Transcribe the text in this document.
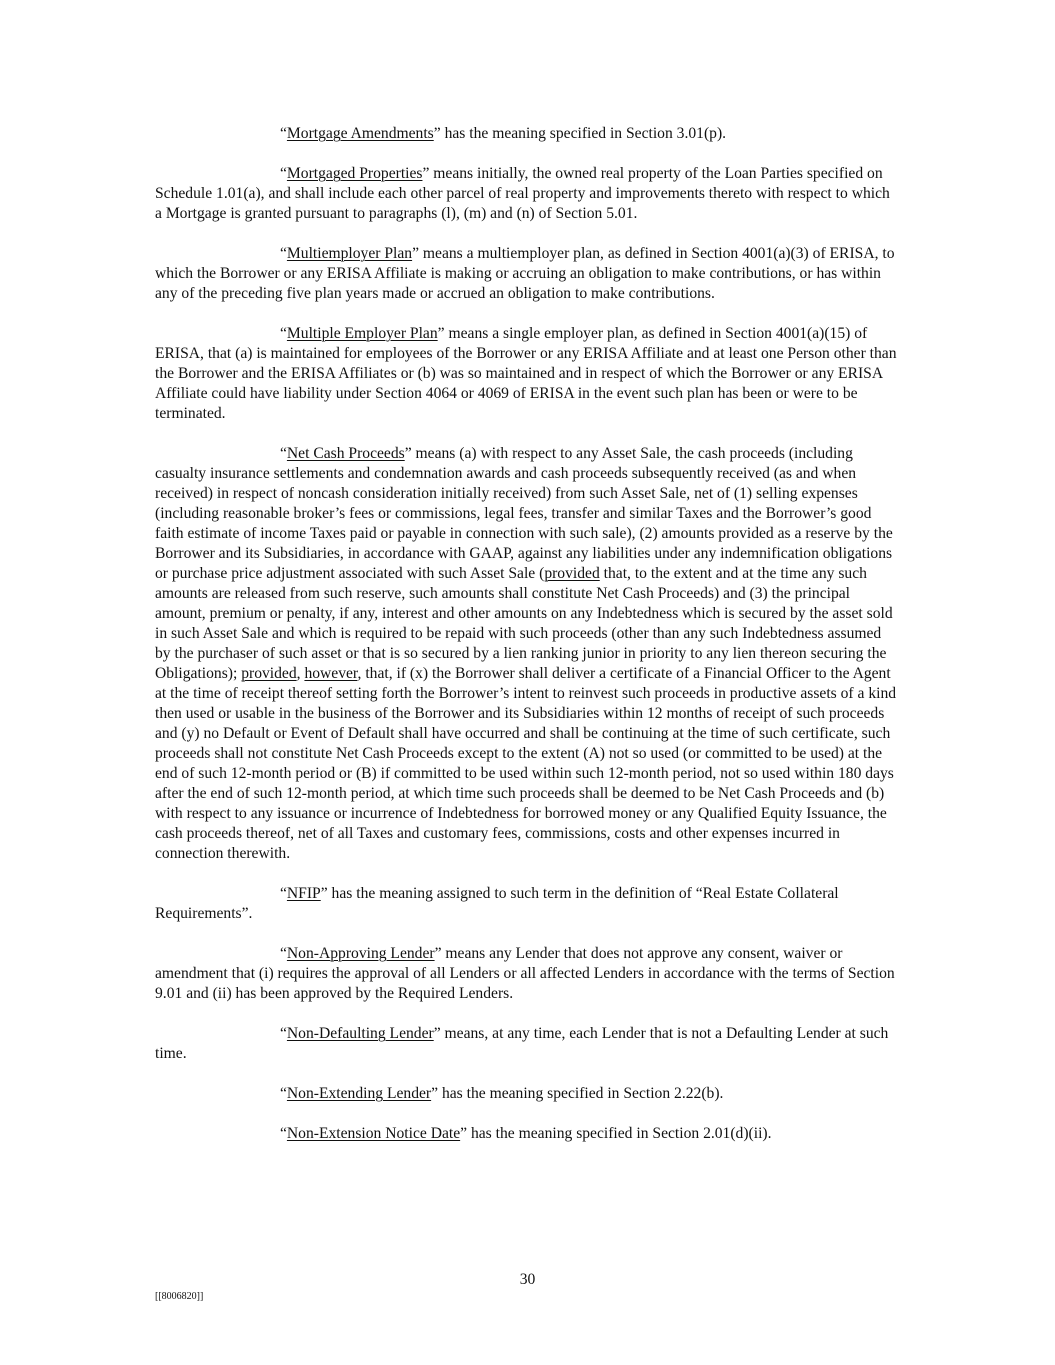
“Mortgage Amendments” has the meaning specified in Section 3.01(p).

“Mortgaged Properties” means initially, the owned real property of the Loan Parties specified on Schedule 1.01(a), and shall include each other parcel of real property and improvements thereto with respect to which a Mortgage is granted pursuant to paragraphs (l), (m) and (n) of Section 5.01.

“Multiemployer Plan” means a multiemployer plan, as defined in Section 4001(a)(3) of ERISA, to which the Borrower or any ERISA Affiliate is making or accruing an obligation to make contributions, or has within any of the preceding five plan years made or accrued an obligation to make contributions.

“Multiple Employer Plan” means a single employer plan, as defined in Section 4001(a)(15) of ERISA, that (a) is maintained for employees of the Borrower or any ERISA Affiliate and at least one Person other than the Borrower and the ERISA Affiliates or (b) was so maintained and in respect of which the Borrower or any ERISA Affiliate could have liability under Section 4064 or 4069 of ERISA in the event such plan has been or were to be terminated.

“Net Cash Proceeds” means (a) with respect to any Asset Sale, the cash proceeds (including casualty insurance settlements and condemnation awards and cash proceeds subsequently received (as and when received) in respect of noncash consideration initially received) from such Asset Sale, net of (1) selling expenses (including reasonable broker’s fees or commissions, legal fees, transfer and similar Taxes and the Borrower’s good faith estimate of income Taxes paid or payable in connection with such sale), (2) amounts provided as a reserve by the Borrower and its Subsidiaries, in accordance with GAAP, against any liabilities under any indemnification obligations or purchase price adjustment associated with such Asset Sale (provided that, to the extent and at the time any such amounts are released from such reserve, such amounts shall constitute Net Cash Proceeds) and (3) the principal amount, premium or penalty, if any, interest and other amounts on any Indebtedness which is secured by the asset sold in such Asset Sale and which is required to be repaid with such proceeds (other than any such Indebtedness assumed by the purchaser of such asset or that is so secured by a lien ranking junior in priority to any lien thereon securing the Obligations); provided, however, that, if (x) the Borrower shall deliver a certificate of a Financial Officer to the Agent at the time of receipt thereof setting forth the Borrower’s intent to reinvest such proceeds in productive assets of a kind then used or usable in the business of the Borrower and its Subsidiaries within 12 months of receipt of such proceeds and (y) no Default or Event of Default shall have occurred and shall be continuing at the time of such certificate, such proceeds shall not constitute Net Cash Proceeds except to the extent (A) not so used (or committed to be used) at the end of such 12-month period or (B) if committed to be used within such 12-month period, not so used within 180 days after the end of such 12-month period, at which time such proceeds shall be deemed to be Net Cash Proceeds and (b) with respect to any issuance or incurrence of Indebtedness for borrowed money or any Qualified Equity Issuance, the cash proceeds thereof, net of all Taxes and customary fees, commissions, costs and other expenses incurred in connection therewith.

“NFIP” has the meaning assigned to such term in the definition of “Real Estate Collateral Requirements”.

“Non-Approving Lender” means any Lender that does not approve any consent, waiver or amendment that (i) requires the approval of all Lenders or all affected Lenders in accordance with the terms of Section 9.01 and (ii) has been approved by the Required Lenders.

“Non-Defaulting Lender” means, at any time, each Lender that is not a Defaulting Lender at such time.

“Non-Extending Lender” has the meaning specified in Section 2.22(b).

“Non-Extension Notice Date” has the meaning specified in Section 2.01(d)(ii).

30
[[8006820]]
